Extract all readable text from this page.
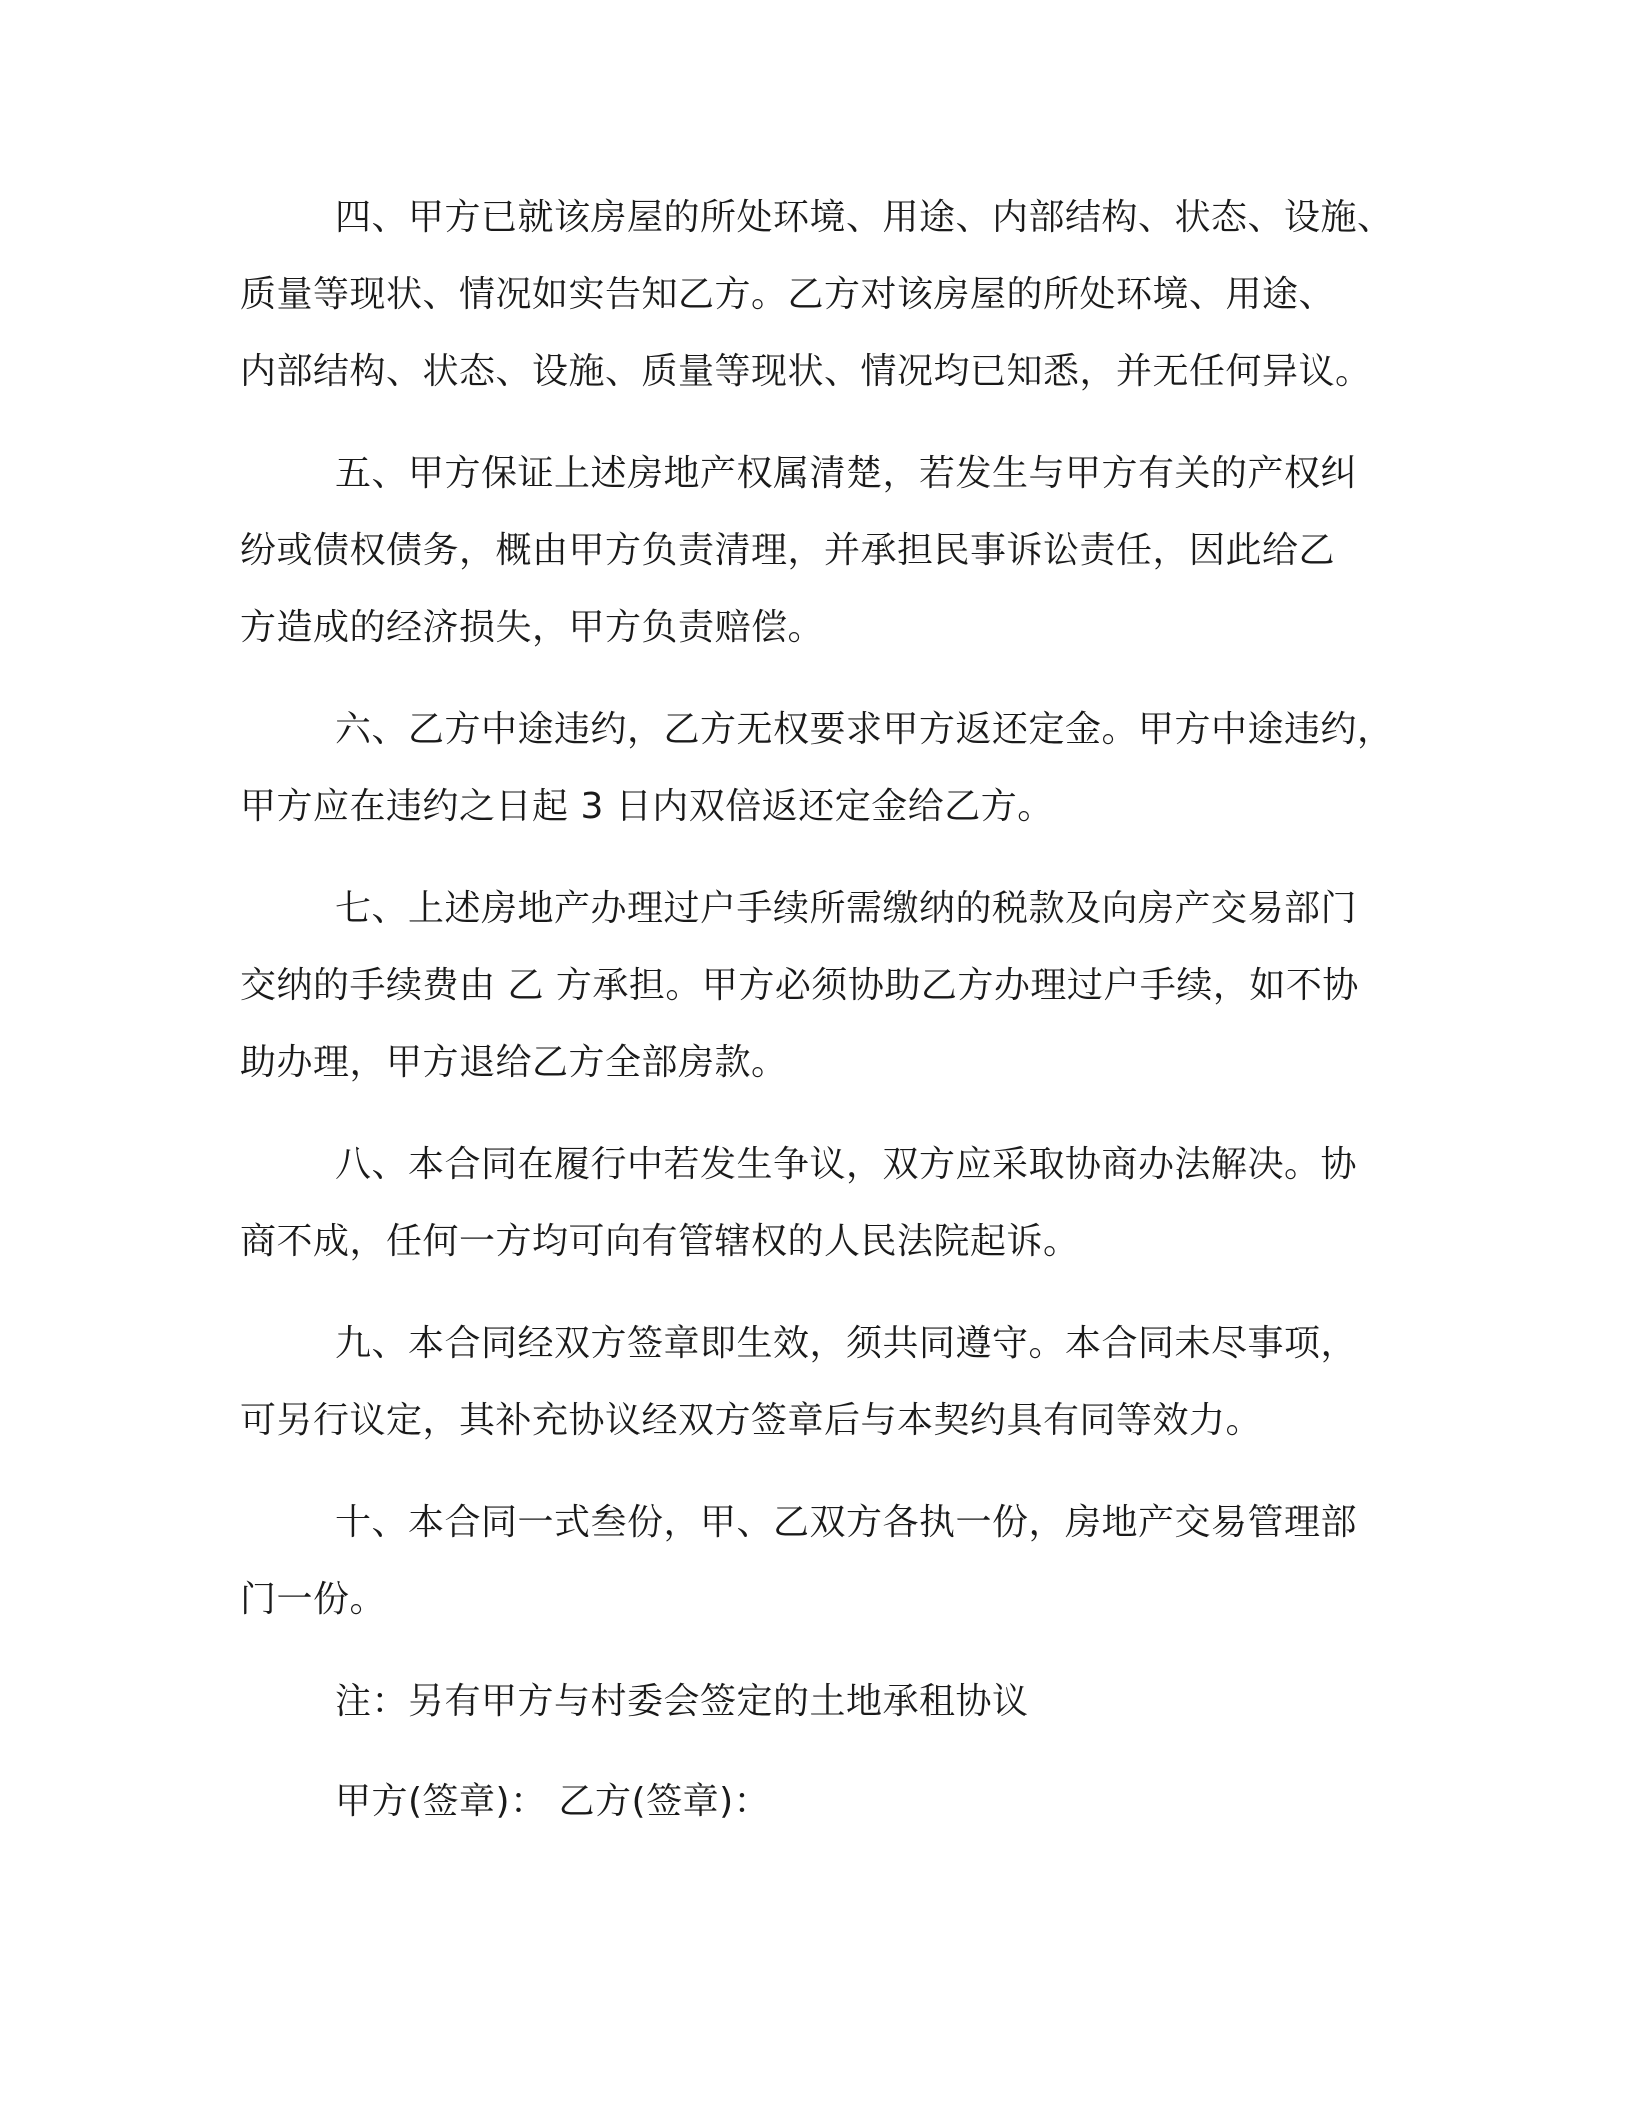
四、甲方已就该房屋的所处环境、用途、内部结构、状态、设施、
质量等现状、情况如实告知乙方。乙方对该房屋的所处环境、用途、
内部结构、状态、设施、质量等现状、情况均已知悉，并无任何异议。
五、甲方保证上述房地产权属清楚，若发生与甲方有关的产权纠
纷或债权债务，概由甲方负责清理，并承担民事诉讼责任，因此给乙
方造成的经济损失，甲方负责赔偿。
六、乙方中途违约，乙方无权要求甲方返还定金。甲方中途违约，
甲方应在违约之日起 3 日内双倍返还定金给乙方。
七、上述房地产办理过户手续所需缴纳的税款及向房产交易部门
交纳的手续费由 乙 方承担。甲方必须协助乙方办理过户手续，如不协
助办理，甲方退给乙方全部房款。
八、本合同在履行中若发生争议，双方应采取协商办法解决。协
商不成，任何一方均可向有管辖权的人民法院起诉。
九、本合同经双方签章即生效，须共同遵守。本合同未尽事项，
可另行议定，其补充协议经双方签章后与本契约具有同等效力。
十、本合同一式叁份，甲、乙双方各执一份，房地产交易管理部
门一份。
注：另有甲方与村委会签定的土地承租协议
甲方(签章)： 乙方(签章)：
